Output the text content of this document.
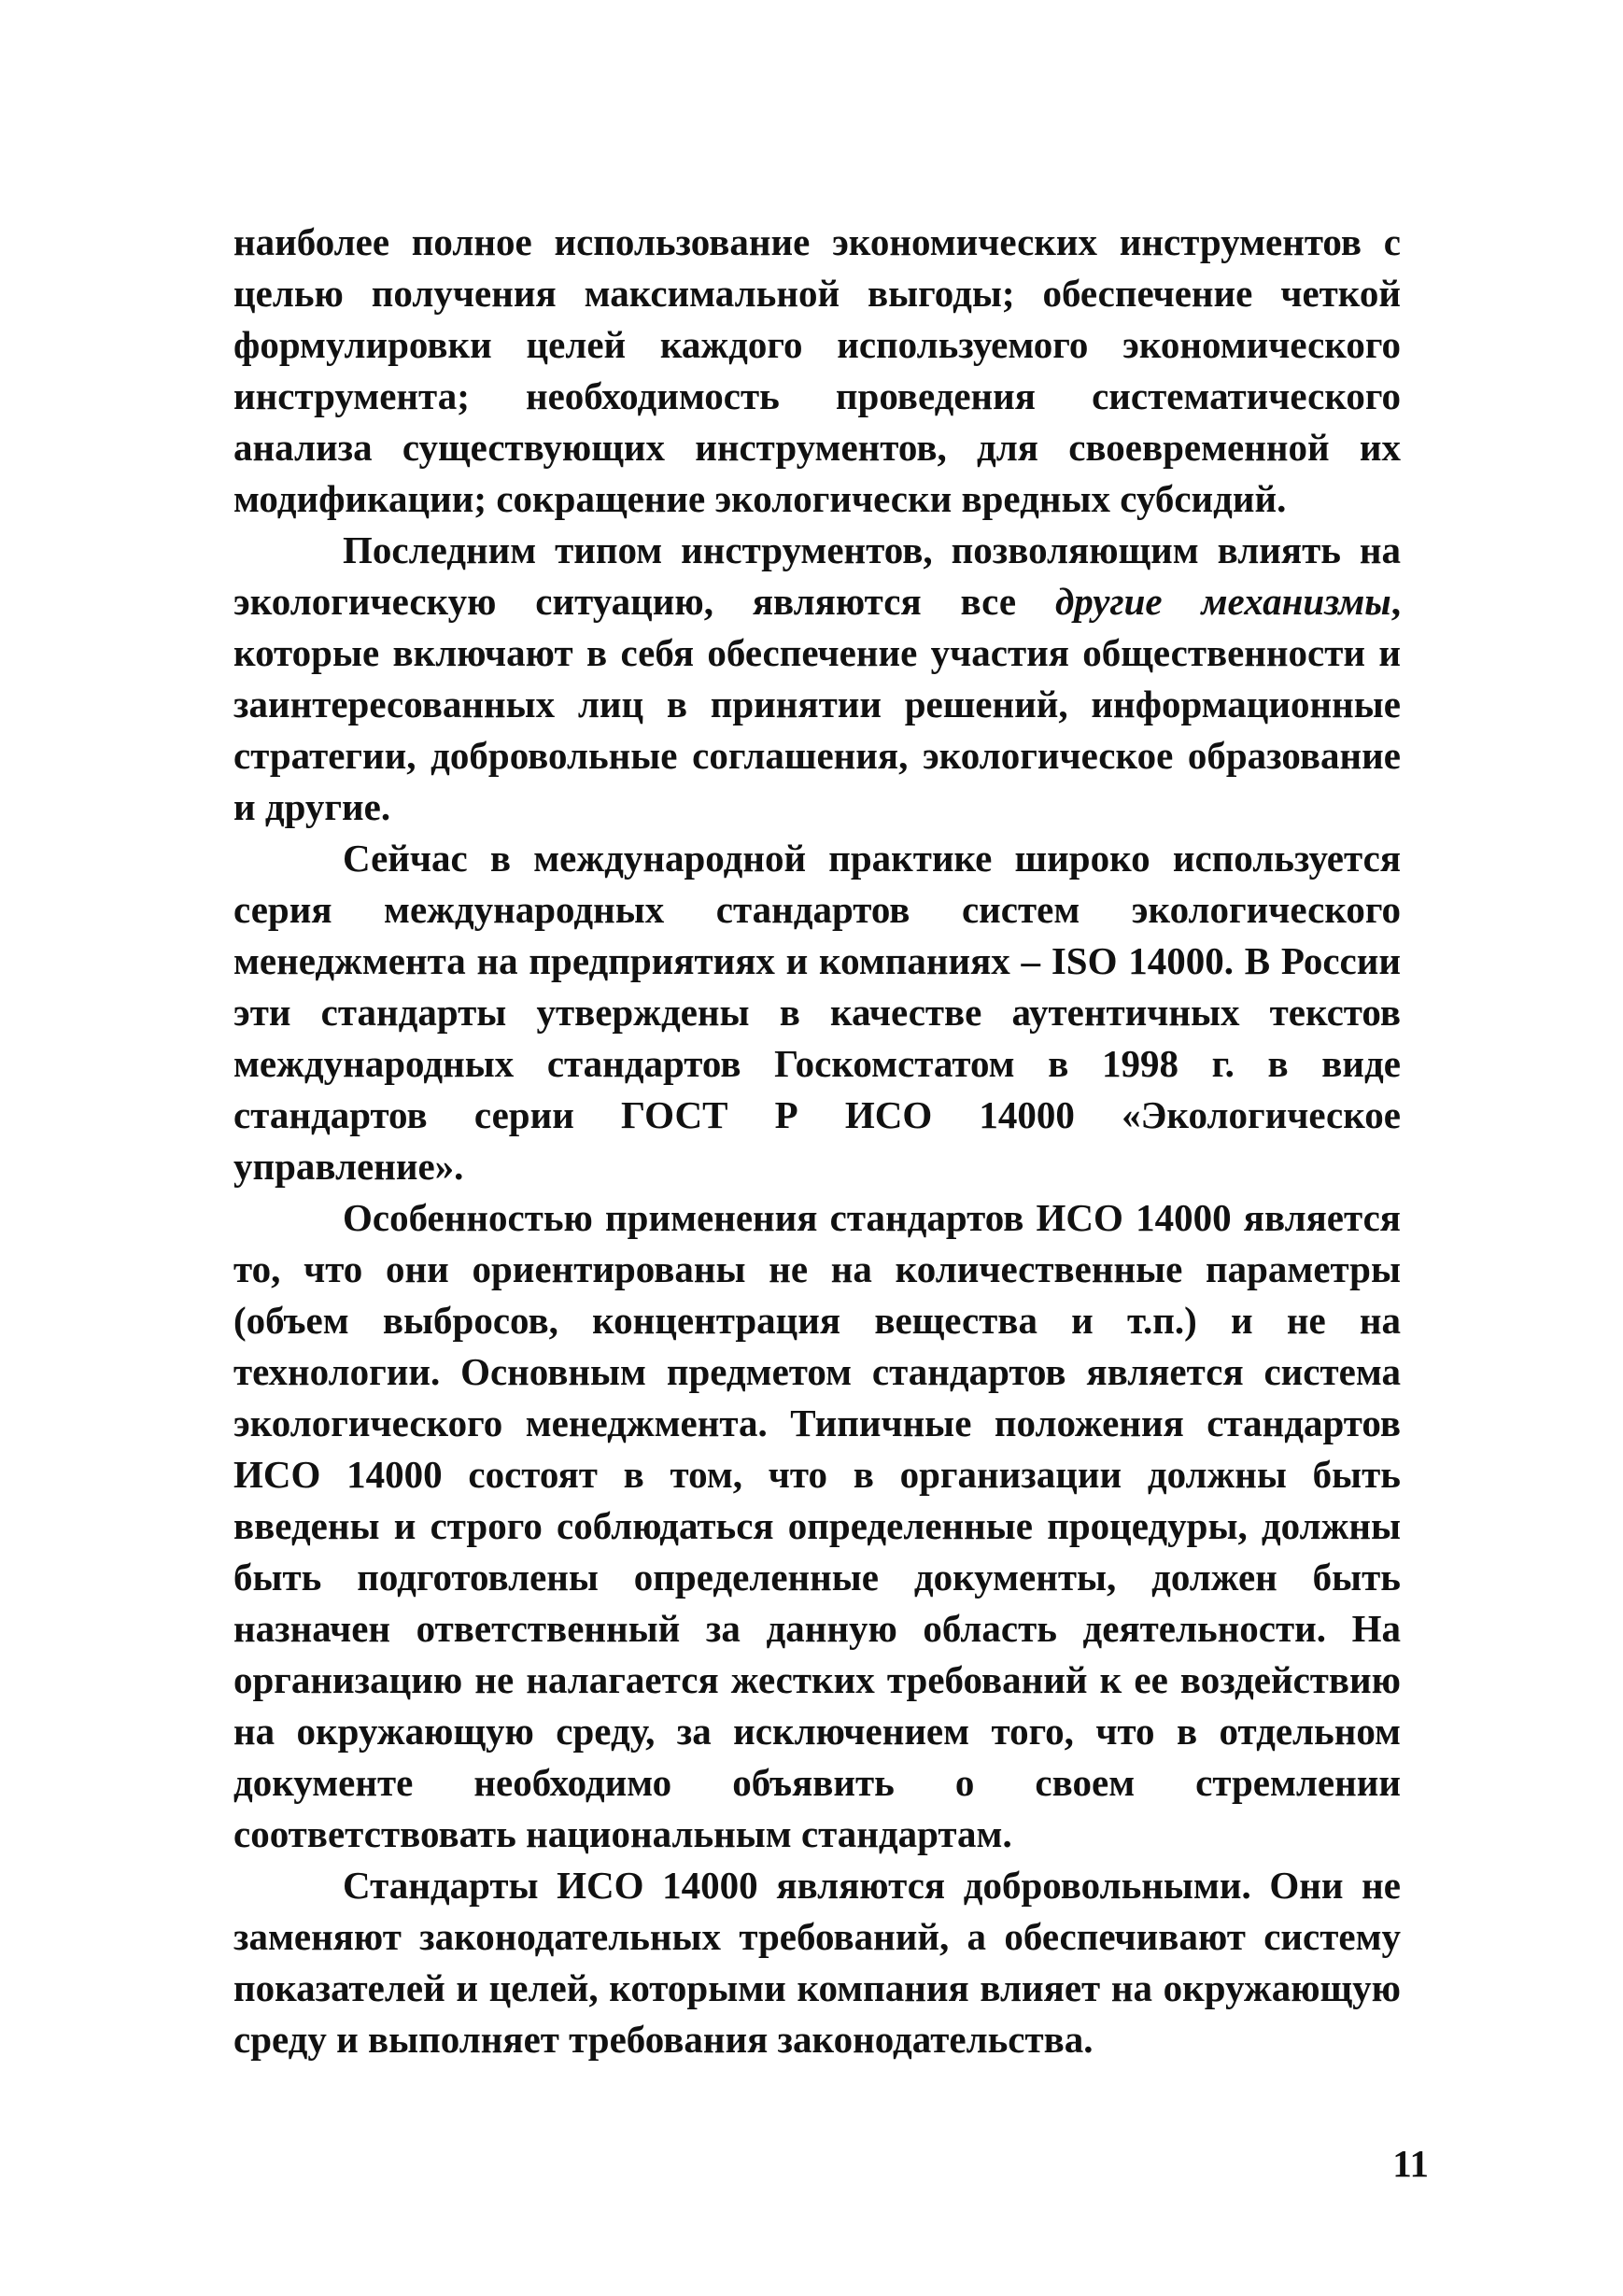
наиболее полное использование экономических инструментов с целью получения максимальной выгоды; обеспечение четкой формулировки целей каждого используемого экономического инструмента; необходимость проведения систематического анализа существующих инструментов, для своевременной их модификации; сокращение экологически вредных субсидий.

Последним типом инструментов, позволяющим влиять на экологическую ситуацию, являются все другие механизмы, которые включают в себя обеспечение участия общественности и заинтересованных лиц в принятии решений, информационные стратегии, добровольные соглашения, экологическое образование и другие.

Сейчас в международной практике широко используется серия международных стандартов систем экологического менеджмента на предприятиях и компаниях – ISO 14000. В России эти стандарты утверждены в качестве аутентичных текстов международных стандартов Госкомстатом в 1998 г. в виде стандартов серии ГОСТ Р ИСО 14000 «Экологическое управление».

Особенностью применения стандартов ИСО 14000 является то, что они ориентированы не на количественные параметры (объем выбросов, концентрация вещества и т.п.) и не на технологии. Основным предметом стандартов является система экологического менеджмента. Типичные положения стандартов ИСО 14000 состоят в том, что в организации должны быть введены и строго соблюдаться определенные процедуры, должны быть подготовлены определенные документы, должен быть назначен ответственный за данную область деятельности. На организацию не налагается жестких требований к ее воздействию на окружающую среду, за исключением того, что в отдельном документе необходимо объявить о своем стремлении соответствовать национальным стандартам.

Стандарты ИСО 14000 являются добровольными. Они не заменяют законодательных требований, а обеспечивают систему показателей и целей, которыми компания влияет на окружающую среду и выполняет требования законодательства.

11
